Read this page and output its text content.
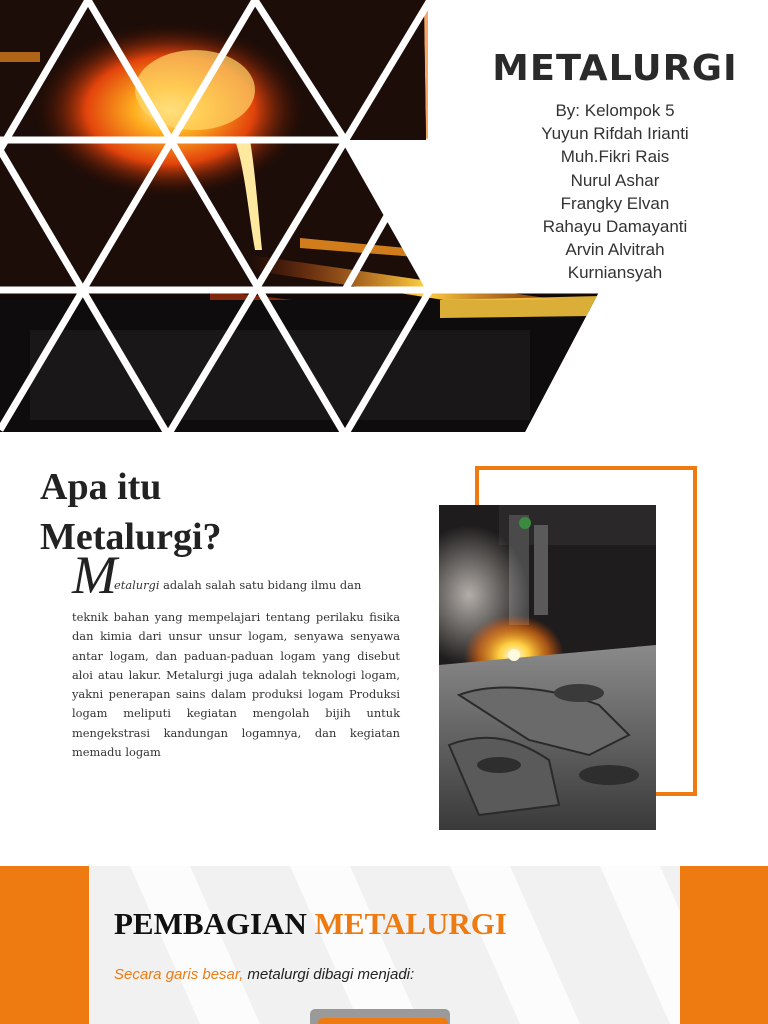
METALURGI
By: Kelompok 5
Yuyun Rifdah Irianti
Muh.Fikri Rais
Nurul Ashar
Frangky Elvan
Rahayu Damayanti
Arvin Alvitrah
Kurniansyah
Apa itu Metalurgi?
M
etalurgi adalah salah satu bidang ilmu dan

teknik bahan yang mempelajari tentang perilaku fisika dan kimia dari unsur unsur logam, senyawa senyawa antar logam, dan paduan-paduan logam yang disebut aloi atau lakur. Metalurgi juga adalah teknologi logam, yakni penerapan sains dalam produksi logam Produksi logam meliputi kegiatan mengolah bijih untuk mengekstrasi kandungan logamnya, dan kegiatan memadu logam

PEMBAGIAN METALURGI
Secara garis besar, metalurgi dibagi menjadi:
